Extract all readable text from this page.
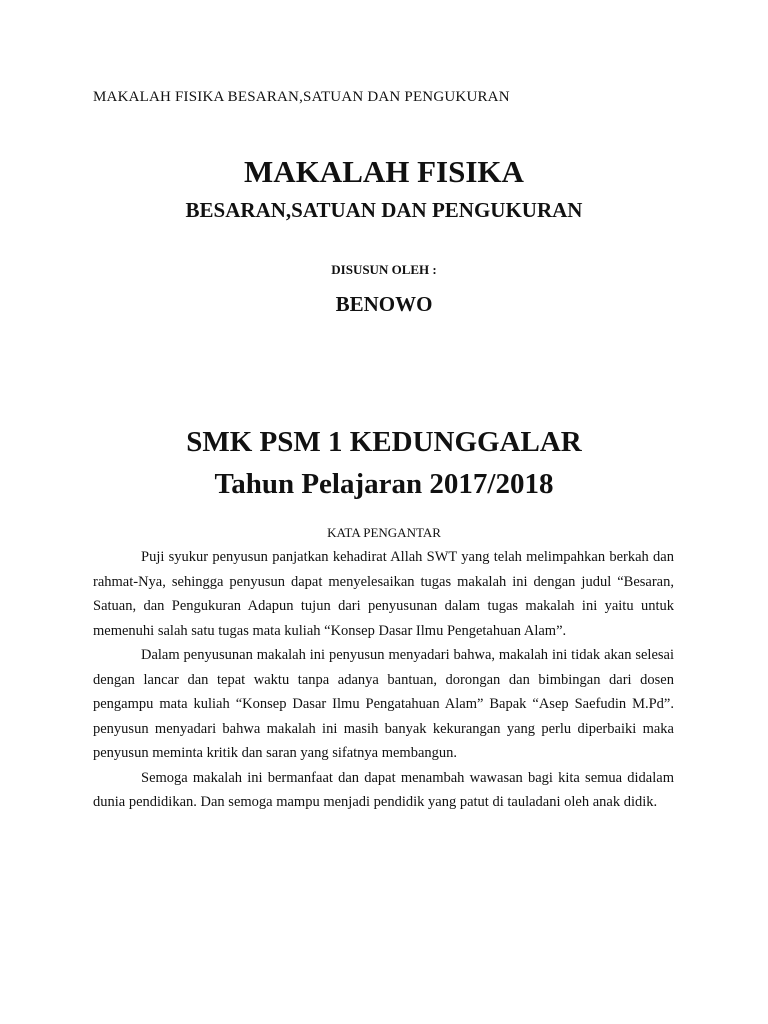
MAKALAH FISIKA BESARAN,SATUAN DAN PENGUKURAN
MAKALAH FISIKA
BESARAN,SATUAN DAN PENGUKURAN
DISUSUN OLEH :
BENOWO
SMK PSM 1 KEDUNGGALAR
Tahun Pelajaran 2017/2018
KATA PENGANTAR

Puji syukur penyusun panjatkan kehadirat Allah SWT yang telah melimpahkan berkah dan rahmat-Nya, sehingga penyusun dapat menyelesaikan tugas makalah ini dengan judul “Besaran, Satuan, dan Pengukuran Adapun tujun dari penyusunan dalam tugas makalah ini yaitu untuk memenuhi salah satu tugas mata kuliah “Konsep Dasar Ilmu Pengetahuan Alam”.

Dalam penyusunan makalah ini penyusun menyadari bahwa, makalah ini tidak akan selesai dengan lancar dan tepat waktu tanpa adanya bantuan, dorongan dan bimbingan dari dosen pengampu mata kuliah “Konsep Dasar Ilmu Pengatahuan Alam” Bapak “Asep Saefudin M.Pd”. penyusun menyadari bahwa makalah ini masih banyak kekurangan yang perlu diperbaiki maka penyusun meminta kritik dan saran yang sifatnya membangun.

Semoga makalah ini bermanfaat dan dapat menambah wawasan bagi kita semua didalam dunia pendidikan. Dan semoga mampu menjadi pendidik yang patut di tauladani oleh anak didik.
